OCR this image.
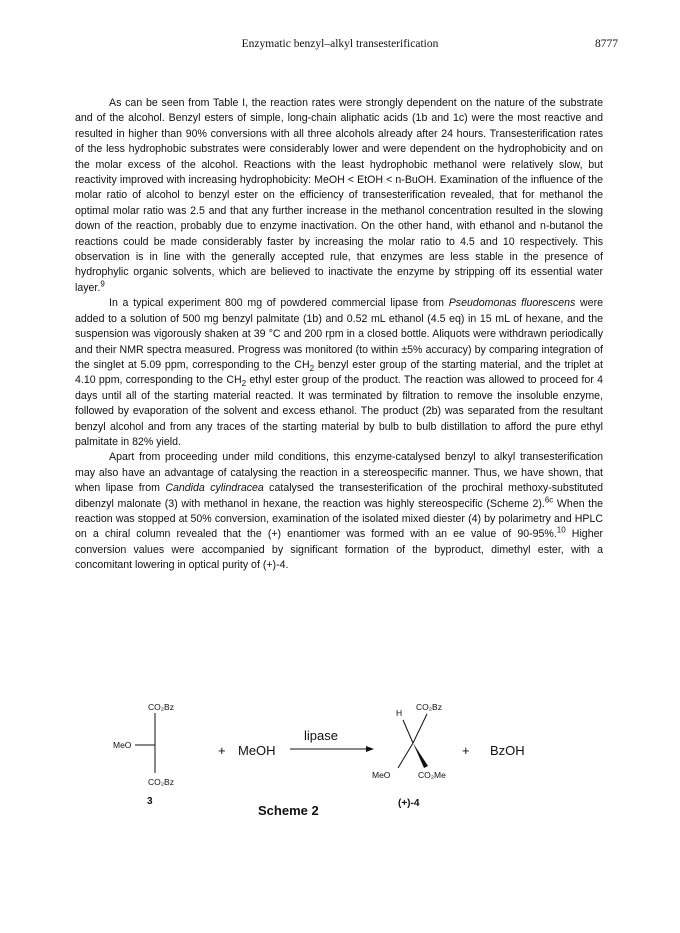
Enzymatic benzyl–alkyl transesterification	8777

As can be seen from Table I, the reaction rates were strongly dependent on the nature of the substrate and of the alcohol. Benzyl esters of simple, long-chain aliphatic acids (1b and 1c) were the most reactive and resulted in higher than 90% conversions with all three alcohols already after 24 hours. Transesterification rates of the less hydrophobic substrates were considerably lower and were dependent on the hydrophobicity and on the molar excess of the alcohol. Reactions with the least hydrophobic methanol were relatively slow, but reactivity improved with increasing hydrophobicity: MeOH < EtOH < n-BuOH. Examination of the influence of the molar ratio of alcohol to benzyl ester on the efficiency of transesterification revealed, that for methanol the optimal molar ratio was 2.5 and that any further increase in the methanol concentration resulted in the slowing down of the reaction, probably due to enzyme inactivation. On the other hand, with ethanol and n-butanol the reactions could be made considerably faster by increasing the molar ratio to 4.5 and 10 respectively. This observation is in line with the generally accepted rule, that enzymes are less stable in the presence of hydrophylic organic solvents, which are believed to inactivate the enzyme by stripping off its essential water layer.$^9$

In a typical experiment 800 mg of powdered commercial lipase from Pseudomonas fluorescens were added to a solution of 500 mg benzyl palmitate (1b) and 0.52 mL ethanol (4.5 eq) in 15 mL of hexane, and the suspension was vigorously shaken at 39 °C and 200 rpm in a closed bottle. Aliquots were withdrawn periodically and their NMR spectra measured. Progress was monitored (to within ±5% accuracy) by comparing integration of the singlet at 5.09 ppm, corresponding to the $CH_2$ benzyl ester group of the starting material, and the triplet at 4.10 ppm, corresponding to the $CH_2$ ethyl ester group of the product. The reaction was allowed to proceed for 4 days until all of the starting material reacted. It was terminated by filtration to remove the insoluble enzyme, followed by evaporation of the solvent and excess ethanol. The product (2b) was separated from the resultant benzyl alcohol and from any traces of the starting material by bulb to bulb distillation to afford the pure ethyl palmitate in 82% yield.

Apart from proceeding under mild conditions, this enzyme-catalysed benzyl to alkyl transesterification may also have an advantage of catalysing the reaction in a stereospecific manner. Thus, we have shown, that when lipase from Candida cylindracea catalysed the transesterification of the prochiral methoxy-substituted dibenzyl malonate (3) with methanol in hexane, the reaction was highly stereospecific (Scheme 2).$^{6c}$ When the reaction was stopped at 50% conversion, examination of the isolated mixed diester (4) by polarimetry and HPLC on a chiral column revealed that the (+) enantiomer was formed with an ee value of 90-95%.$^{10}$ Higher conversion values were accompanied by significant formation of the byproduct, dimethyl ester, with a concomitant lowering in optical purity of (+)-4.

CO₂Bz
MeO
CO₂Bz
+ MeOH
lipase
H
CO₂Bz
MeO	CO₂Me
+ BzOH
3	(+)-4
Scheme 2
